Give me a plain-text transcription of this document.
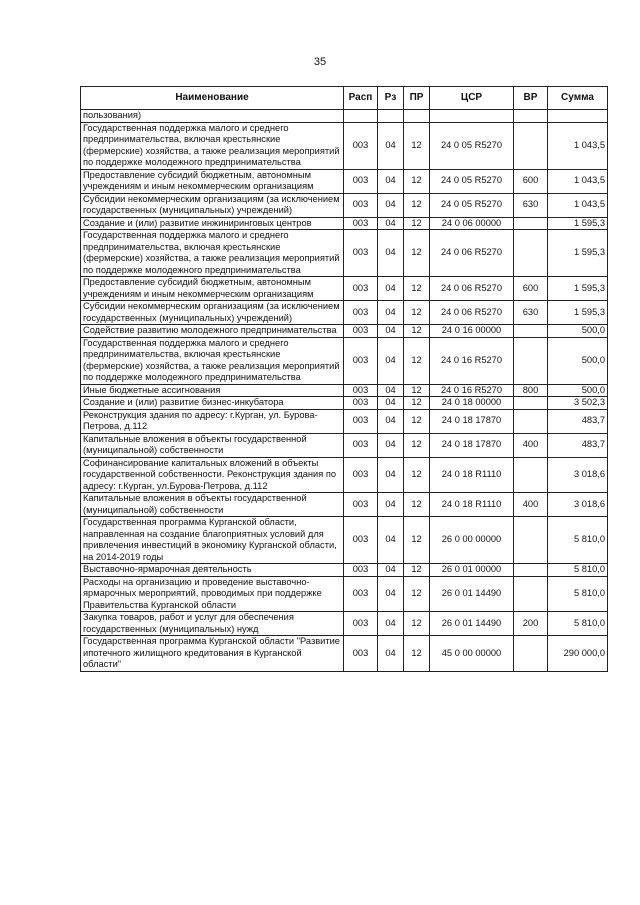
35
Наименование	Расп	Рз	ПР	ЦСР	ВР	Сумма
пользования)						
Государственная поддержка малого и среднего предпринимательства, включая крестьянские (фермерские) хозяйства, а также реализация мероприятий по поддержке молодежного предпринимательства	003	04	12	24 0 05 R5270		1 043,5
Предоставление субсидий бюджетным, автономным учреждениям и иным некоммерческим организациям	003	04	12	24 0 05 R5270	600	1 043,5
Субсидии некоммерческим организациям (за исключением государственных (муниципальных) учреждений)	003	04	12	24 0 05 R5270	630	1 043,5
Создание и (или) развитие инжиниринговых центров	003	04	12	24 0 06 00000		1 595,3
Государственная поддержка малого и среднего предпринимательства, включая крестьянские (фермерские) хозяйства, а также реализация мероприятий по поддержке молодежного предпринимательства	003	04	12	24 0 06 R5270		1 595,3
Предоставление субсидий бюджетным, автономным учреждениям и иным некоммерческим организациям	003	04	12	24 0 06 R5270	600	1 595,3
Субсидии некоммерческим организациям (за исключением государственных (муниципальных) учреждений)	003	04	12	24 0 06 R5270	630	1 595,3
Содействие развитию молодежного предпринимательства	003	04	12	24 0 16 00000		500,0
Государственная поддержка малого и среднего предпринимательства, включая крестьянские (фермерские) хозяйства, а также реализация мероприятий по поддержке молодежного предпринимательства	003	04	12	24 0 16 R5270		500,0
Иные бюджетные ассигнования	003	04	12	24 0 16 R5270	800	500,0
Создание и (или) развитие бизнес-инкубатора	003	04	12	24 0 18 00000		3 502,3
Реконструкция здания по адресу: г.Курган, ул. Бурова-Петрова, д.112	003	04	12	24 0 18 17870		483,7
Капитальные вложения в объекты государственной (муниципальной) собственности	003	04	12	24 0 18 17870	400	483,7
Софинансирование капитальных вложений в объекты государственной собственности. Реконструкция здания по адресу: г.Курган, ул.Бурова-Петрова, д.112	003	04	12	24 0 18 R1110		3 018,6
Капитальные вложения в объекты государственной (муниципальной) собственности	003	04	12	24 0 18 R1110	400	3 018,6
Государственная программа Курганской области, направленная на создание благоприятных условий для привлечения инвестиций в экономику Курганской области, на 2014-2019 годы	003	04	12	26 0 00 00000		5 810,0
Выставочно-ярмарочная деятельность	003	04	12	26 0 01 00000		5 810,0
Расходы на организацию и проведение выставочно-ярмарочных мероприятий, проводимых при поддержке Правительства Курганской области	003	04	12	26 0 01 14490		5 810,0
Закупка товаров, работ и услуг для обеспечения государственных (муниципальных) нужд	003	04	12	26 0 01 14490	200	5 810,0
Государственная программа Курганской области "Развитие ипотечного жилищного кредитования в Курганской области"	003	04	12	45 0 00 00000		290 000,0
